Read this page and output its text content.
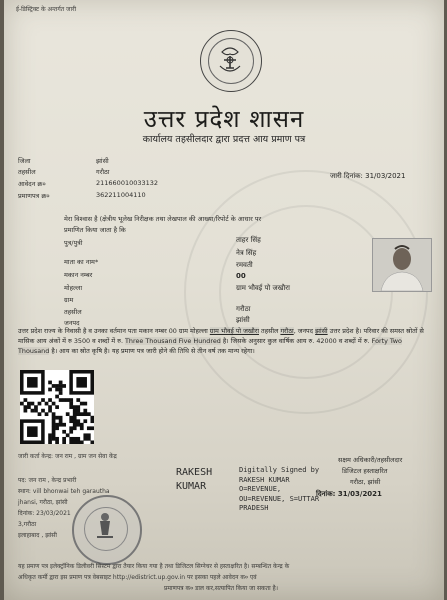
ई-डिस्ट्रिक्ट के अन्तर्गत जारी
उत्तर प्रदेश शासन
कार्यालय तहसीलदार द्वारा प्रदत्त आय प्रमाण पत्र
जारी दिनांक: 31/03/2021
जिला	झांसी
तहसील	गरौठा
आवेदन क्र०	211660010033132
प्रमाणपत्र क्र०	362211004110
मेरा विश्वास है (क्षेत्रीय भूलेख निरीक्षक तथा लेखपाल की आख्या/रिपोर्ट के आधार पर
प्रमाणित किया जाता है कि
पुत्र/पुत्री	ताहर सिंह
नेत्र सिंह
माता का नाम*	रमवती
मकान नम्बर	00
मोहल्ला	ग्राम भौवई पो जखौरा
ग्राम
तहसील	गरौठा
जनपद	झांसी
उत्तर प्रदेश राज्य के निवासी है व उनका वर्तमान पता मकान नम्बर 00 ग्राम मोहल्ला ग्राम भौवई पो जखौरा तहसील गरौठा, जनपद झांसी उत्तर प्रदेश है। परिवार की समस्त स्रोतों से मासिक आय अंकों में रु 3500 व शब्दों में रु. Three Thousand Five Hundred है। जिसके अनुसार कुल वार्षिक आय रु. 42000 व शब्दों में रु. Forty Two Thousand है। आय का स्रोत कृषि है। यह प्रमाण पत्र जारी होने की तिथि से तीन वर्ष तक मान्य रहेगा।
जारी कर्ता केन्द्र: जन राम , ग्राम जन सेवा केंद्र
पद: जन राम , केन्द्र प्रभारी
स्थान: vill bhonwai teh garautha
jhansi, गरौठा, झांसी
दिनांक: 23/03/2021
3,गरौठा
इलाहाबाद , झांसी
RAKESH KUMAR
Digitally Signed by RAKESH KUMAR O=REVENUE, OU=REVENUE, S=UTTAR PRADESH
सक्षम अधिकारी/तहसीलदार
डिजिटल हस्ताक्षरित
गरौठा, झांसी
दिनांक: 31/03/2021
यह प्रमाण पत्र इलेक्ट्रॉनिक डिलीवरी सिस्टम द्वारा तैयार किया गया है तथा डिजिटल सिग्नेचर से हस्ताक्षरित है। सम्बन्धित केन्द्र के
अधिकृत कर्मी द्वारा इस प्रमाण पत्र वेबसाइट http://edistrict.up.gov.in पर इसका पहले आवेदन क० एवं
प्रमाणपत्र क० डाल कर,सत्यापित किया जा सकता है।
